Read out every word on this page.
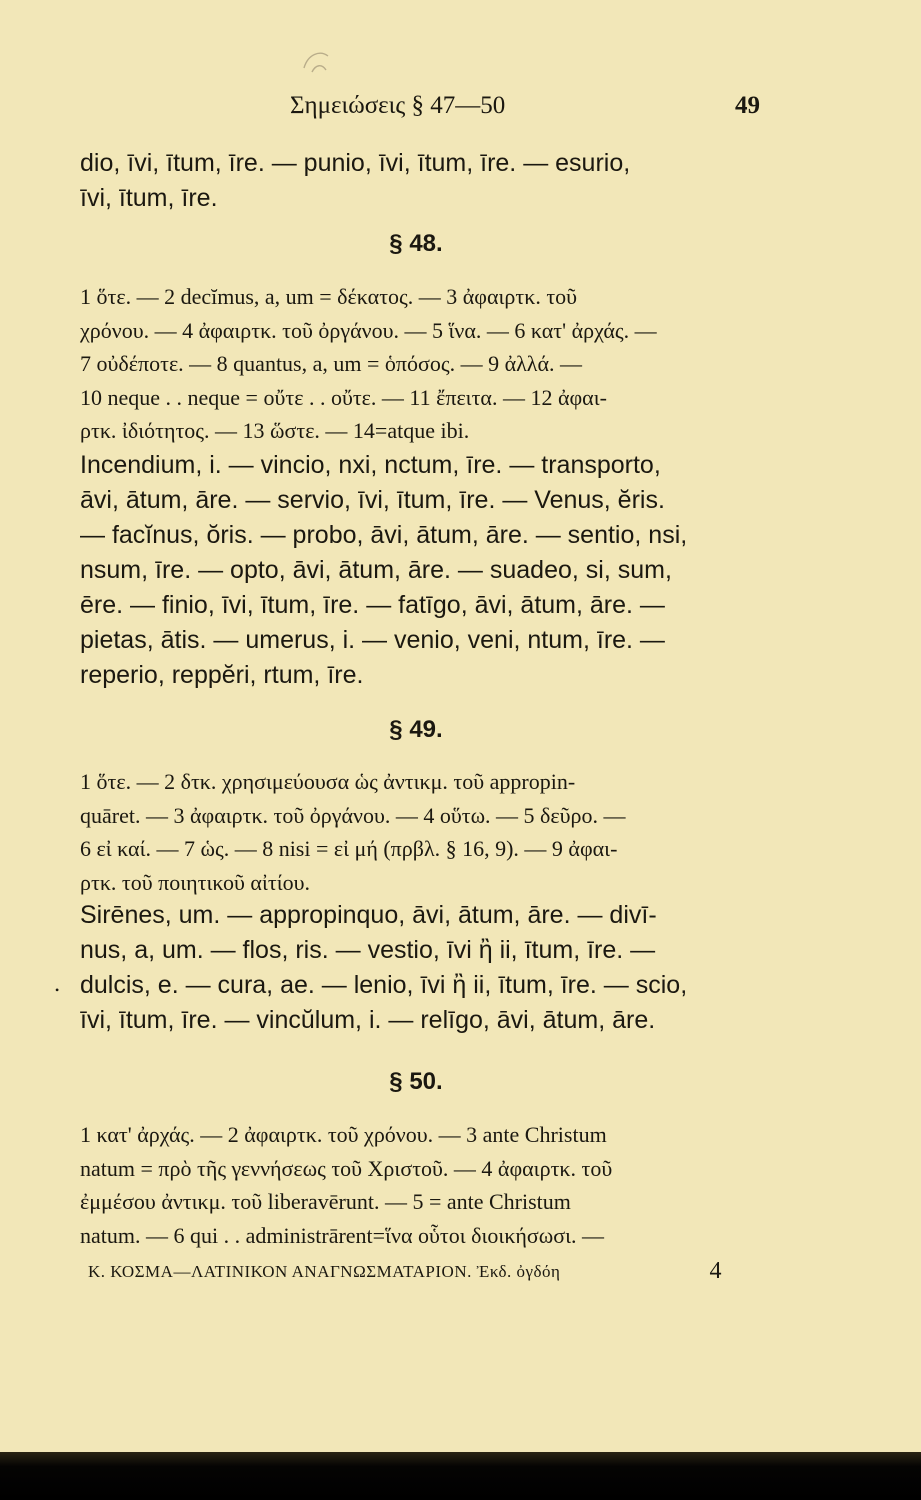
Σημειώσεις § 47—50	49
dio, īvi, ītum, īre. — punio, īvi, ītum, īre. — esurio,
īvi, ītum, īre.
§ 48.
1 ὅτε. — 2 decĭmus, a, um = δέκατος. — 3 ἀφαιρτκ. τοῦ
χρόνου. — 4 ἀφαιρτκ. τοῦ ὀργάνου. — 5 ἵνα. — 6 κατ' ἀρχάς. —
7 οὐδέποτε. — 8 quantus, a, um = ὁπόσος. — 9 ἀλλά. —
10 neque . . neque = οὔτε . . οὔτε. — 11 ἔπειτα. — 12 ἀφαι-
ρτκ. ἰδιότητος. — 13 ὥστε. — 14=atque ibi.
Incendium, i. — vincio, nxi, nctum, īre. — transporto,
āvi, ātum, āre. — servio, īvi, ītum, īre. — Venus, ĕris.
— facĭnus, ŏris. — probo, āvi, ātum, āre. — sentio, nsi,
nsum, īre. — opto, āvi, ātum, āre. — suadeo, si, sum,
ēre. — finio, īvi, ītum, īre. — fatīgo, āvi, ātum, āre. —
pietas, ātis. — umerus, i. — venio, veni, ntum, īre. —
reperio, reppĕri, rtum, īre.
§ 49.
1 ὅτε. — 2 δτκ. χρησιμεύουσα ὡς ἀντικμ. τοῦ appropin-
quāret. — 3 ἀφαιρτκ. τοῦ ὀργάνου. — 4 οὕτω. — 5 δεῦρο. —
6 εἰ καί. — 7 ὡς. — 8 nisi = εἰ μή (πρβλ. § 16, 9). — 9 ἀφαι-
ρτκ. τοῦ ποιητικοῦ αἰτίου.
Sirēnes, um. — appropinquo, āvi, ātum, āre. — divī-
nus, a, um. — flos, ris. — vestio, īvi ἢ ii, ītum, īre. —
dulcis, e. — cura, ae. — lenio, īvi ἢ ii, ītum, īre. — scio,
īvi, ītum, īre. — vincŭlum, i. — relīgo, āvi, ātum, āre.
•
§ 50.
1 κατ' ἀρχάς. — 2 ἀφαιρτκ. τοῦ χρόνου. — 3 ante Christum
natum = πρὸ τῆς γεννήσεως τοῦ Χριστοῦ. — 4 ἀφαιρτκ. τοῦ
ἐμμέσου ἀντικμ. τοῦ liberavērunt. — 5 = ante Christum
natum. — 6 qui . . administrārent=ἵνα οὗτοι διοικήσωσι. —
Κ. ΚΟΣΜΑ—ΛΑΤΙΝΙΚΟΝ ΑΝΑΓΝΩΣΜΑΤΑΡΙΟΝ. Ἐκδ. ὀγδόη	4
